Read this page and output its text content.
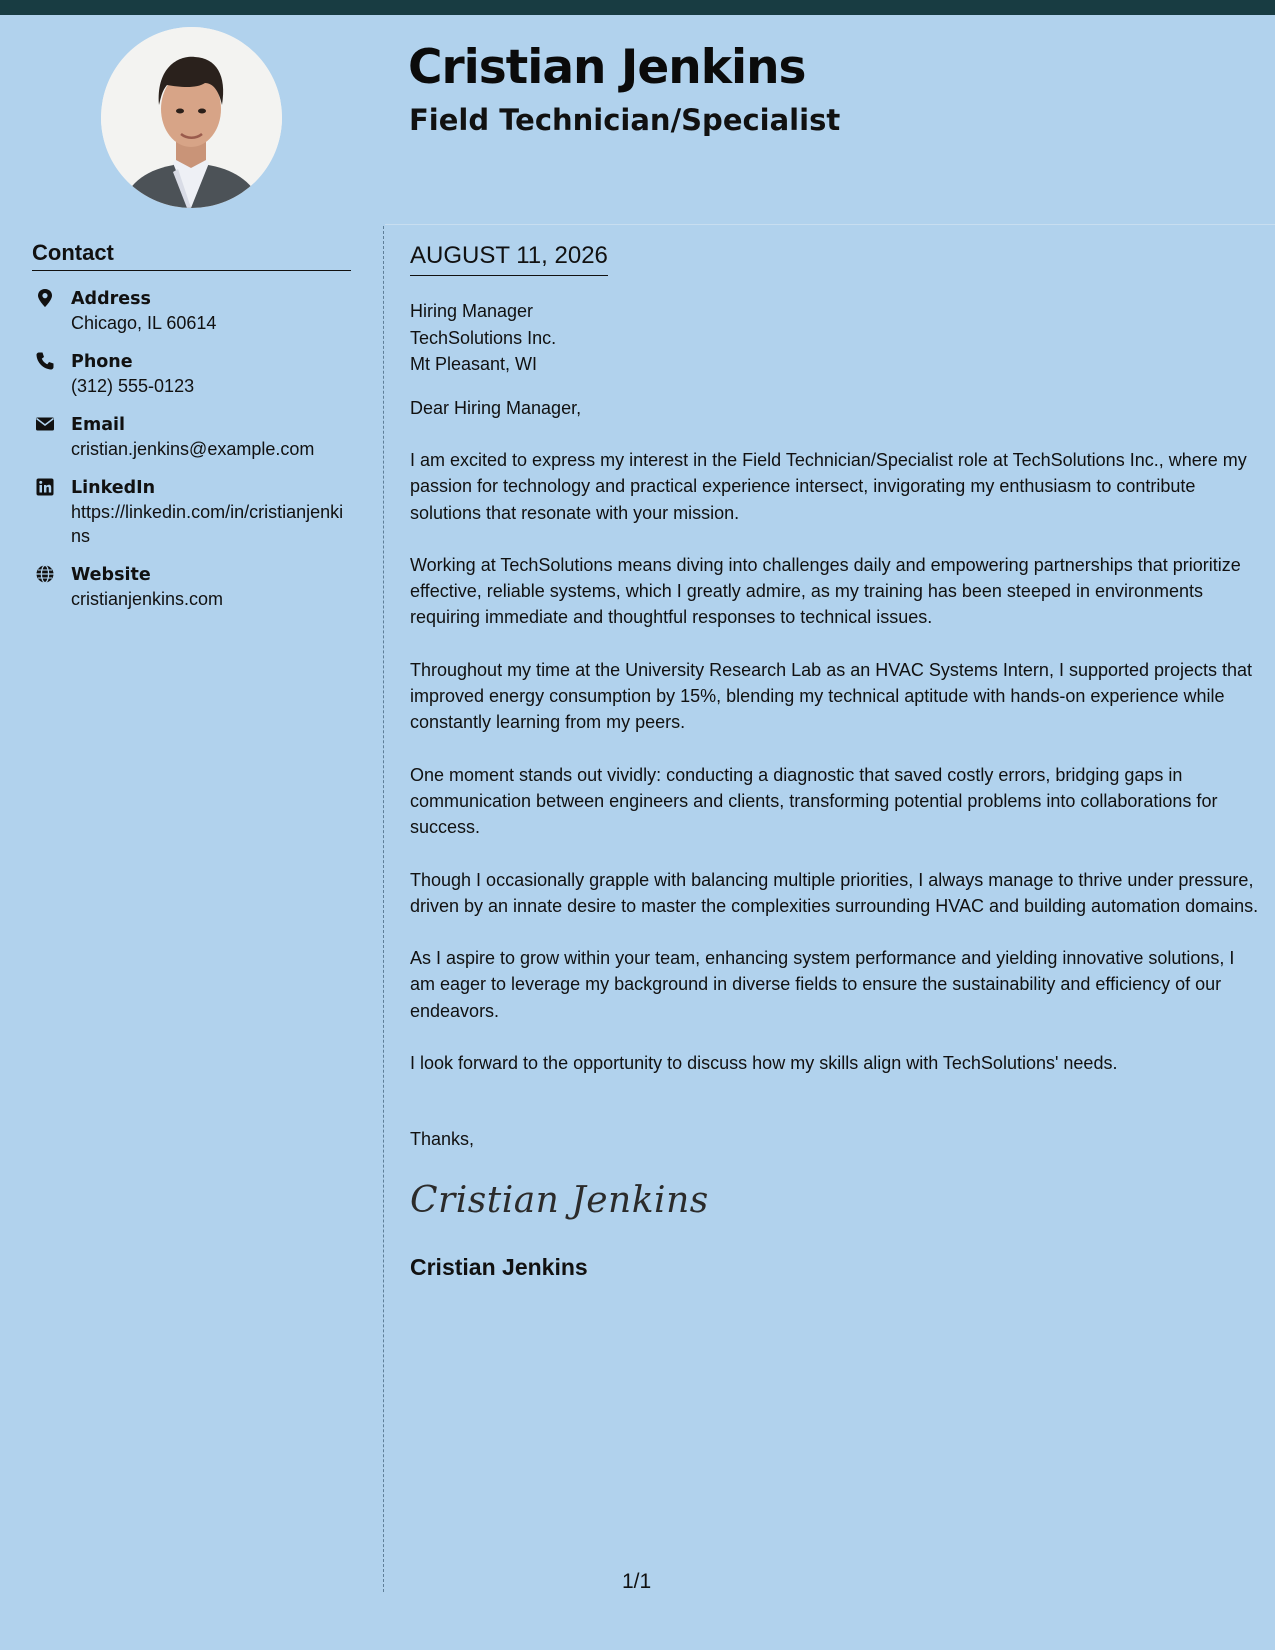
Cristian Jenkins
Field Technician/Specialist
Contact
Address
Chicago, IL 60614
Phone
(312) 555-0123
Email
cristian.jenkins@example.com
LinkedIn
https://linkedin.com/in/cristianjenkins
Website
cristianjenkins.com
AUGUST 11, 2026
Hiring Manager
TechSolutions Inc.
Mt Pleasant, WI
Dear Hiring Manager,

I am excited to express my interest in the Field Technician/Specialist role at TechSolutions Inc., where my passion for technology and practical experience intersect, invigorating my enthusiasm to contribute solutions that resonate with your mission.

Working at TechSolutions means diving into challenges daily and empowering partnerships that prioritize effective, reliable systems, which I greatly admire, as my training has been steeped in environments requiring immediate and thoughtful responses to technical issues.

Throughout my time at the University Research Lab as an HVAC Systems Intern, I supported projects that improved energy consumption by 15%, blending my technical aptitude with hands-on experience while constantly learning from my peers.

One moment stands out vividly: conducting a diagnostic that saved costly errors, bridging gaps in communication between engineers and clients, transforming potential problems into collaborations for success.

Though I occasionally grapple with balancing multiple priorities, I always manage to thrive under pressure, driven by an innate desire to master the complexities surrounding HVAC and building automation domains.

As I aspire to grow within your team, enhancing system performance and yielding innovative solutions, I am eager to leverage my background in diverse fields to ensure the sustainability and efficiency of our endeavors.

I look forward to the opportunity to discuss how my skills align with TechSolutions' needs.

Thanks,
Cristian Jenkins
Cristian Jenkins
1/1
